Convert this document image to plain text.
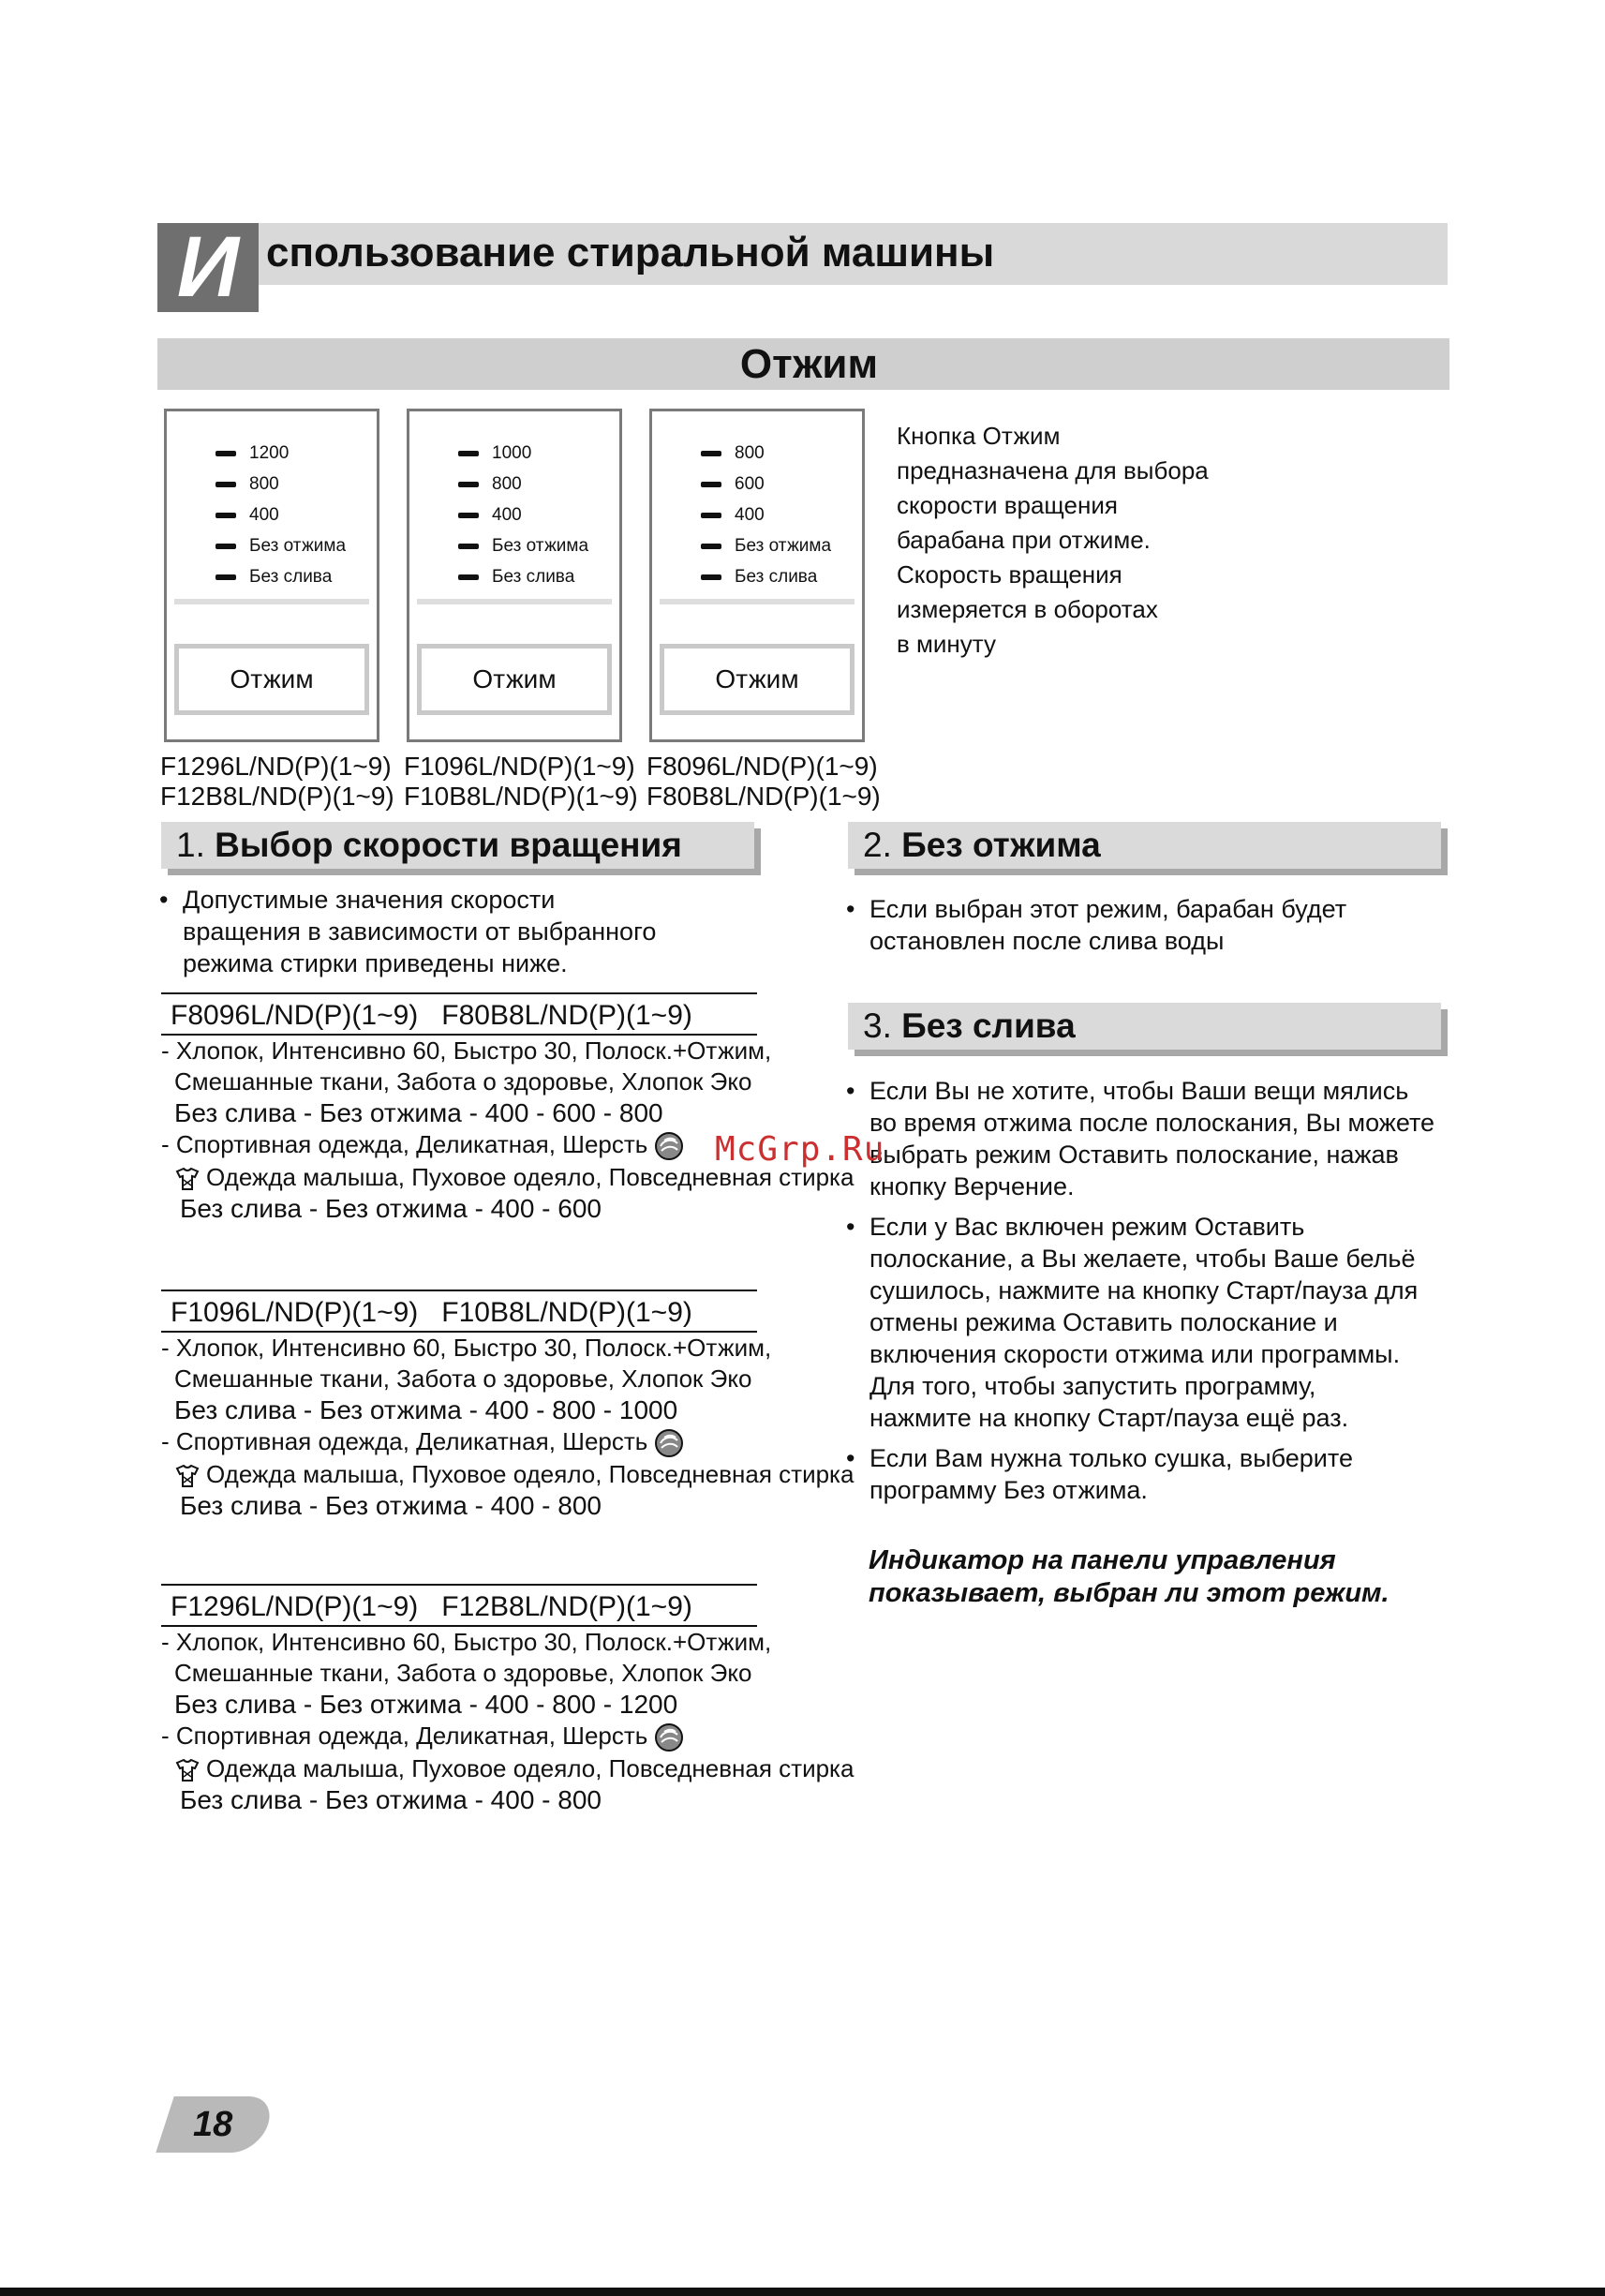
И спользование стиральной машины
Отжим
1200
800
400
Без отжима
Без слива
Отжим
1000
800
400
Без отжима
Без слива
Отжим
800
600
400
Без отжима
Без слива
Отжим
F1296L/ND(P)(1~9)
F12B8L/ND(P)(1~9)
F1096L/ND(P)(1~9)
F10B8L/ND(P)(1~9)
F8096L/ND(P)(1~9)
F80B8L/ND(P)(1~9)
Кнопка Отжим
предназначена для выбора
скорости вращения
барабана при отжиме.
Скорость вращения
измеряется в оборотах
в минуту
1. Выбор скорости вращения
• Допустимые значения скорости
вращения в зависимости от выбранного
режима стирки приведены ниже.
F8096L/ND(P)(1~9)   F80B8L/ND(P)(1~9)
- Хлопок, Интенсивно 60, Быстро 30, Полоск.+Отжим,
Смешанные ткани, Забота о здоровье, Хлопок Эко
Без слива - Без отжима - 400 - 600 - 800
- Спортивная одежда, Деликатная, Шерсть
Одежда малыша, Пуховое одеяло, Повседневная стирка
Без слива - Без отжима - 400 - 600
F1096L/ND(P)(1~9)   F10B8L/ND(P)(1~9)
- Хлопок, Интенсивно 60, Быстро 30, Полоск.+Отжим,
Смешанные ткани, Забота о здоровье, Хлопок Эко
Без слива - Без отжима - 400 - 800 - 1000
- Спортивная одежда, Деликатная, Шерсть
Одежда малыша, Пуховое одеяло, Повседневная стирка
Без слива - Без отжима - 400 - 800
F1296L/ND(P)(1~9)   F12B8L/ND(P)(1~9)
- Хлопок, Интенсивно 60, Быстро 30, Полоск.+Отжим,
Смешанные ткани, Забота о здоровье, Хлопок Эко
Без слива - Без отжима - 400 - 800 - 1200
- Спортивная одежда, Деликатная, Шерсть
Одежда малыша, Пуховое одеяло, Повседневная стирка
Без слива - Без отжима - 400 - 800
2. Без отжима
• Если выбран этот режим, барабан будет
остановлен после слива воды
3. Без слива
• Если Вы не хотите, чтобы Ваши вещи мялись
во время отжима после полоскания, Вы можете
выбрать режим Оставить полоскание, нажав
кнопку Верчение.
• Если у Вас включен режим Оставить
полоскание, а Вы желаете, чтобы Ваше бельё
сушилось, нажмите на кнопку Старт/пауза для
отмены режима Оставить полоскание и
включения скорости отжима или программы.
Для того, чтобы запустить программу,
нажмите на кнопку Старт/пауза ещё раз.
• Если Вам нужна только сушка, выберите
программу Без отжима.
Индикатор на панели управления
показывает, выбран ли этот режим.
McGrp.Ru
18
